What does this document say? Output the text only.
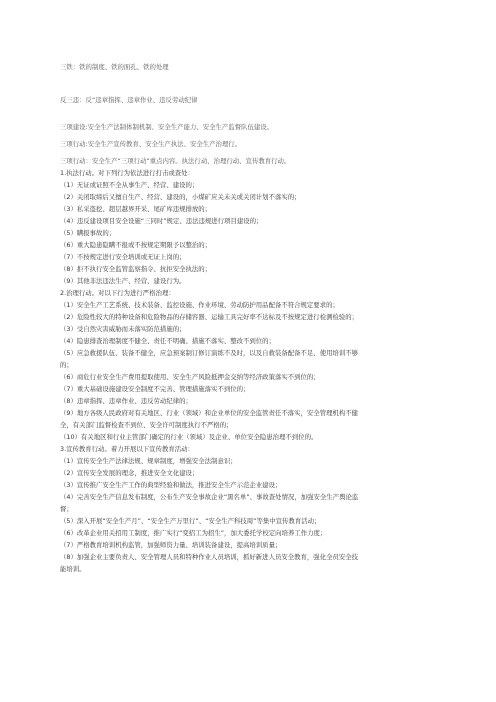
三铁：铁的制度、铁的面孔、铁的处理
反三违：反“违章指挥、违章作业、违反劳动纪律
三项建设:安全生产法制体制机制、安全生产能力、安全生产监督队伍建设。
三项行动:安全生产宣传教育、安全生产执法、安全生产治理行。
三项行动：安全生产“三项行动”重点内容。执法行动、治理行动、宣传教育行动。
1.执法行动。对下列行为依法进行打击或查处：
（1）无证或证照不全从事生产、经营、建设的；
（2）关闭取缔后又擅自生产、经营、建设的，小煤矿应关未关或关闭计划不落实的；
（3）私采盗挖、超层越界开采、尾矿库违规排放的；
（4）违反建设项目安全设施“三同时”规定、违法违规进行项目建设的；
（5）瞒报事故的；
（6）重大隐患隐瞒不报或不按规定期限予以整治的；
（7）不按规定进行安全培训或无证上岗的；
（8）拒不执行安全监管监察指令、抗拒安全执法的；
（9）其他非法违法生产、经营、建设行为。
2.治理行动。对以下行为进行严格治理：
（1）安全生产工艺系统、技术装备、监控设施、作业环境、劳动防护用品配备不符合规定要求的；
（2）危险性较大的特种设备和危险物品的存储容器、运输工具完好率不达标及不按规定进行检测检验的；
（3）受自然灾害威胁而未落实防范措施的；
（4）隐患排查治理制度不健全、责任不明确、措施不落实、整改不到位的；
（5）应急救援队伍、装备不健全，应急预案制订修订演练不及时，以及自救装备配备不足、使用培训不够
的；
（6）商危行业安全生产费用提取使用、安全生产风险抵押金交纳等经济政策落实不到位的；
（7）重大基础设施建设安全制度不完善、管理措施落实不到位的；
（8）违章指挥、违章作业、违反劳动纪律的；
（9）地方各级人民政府对有关地区、行业（领域）和企业单位的安全监管责任不落实，安全管理机构不健
全，有关部门监督检查不到位、安全许可制度执行不严格的；
（10）有关地区和行业主管部门确定的行业（领域）及企业、单位安全隐患治理不到位的。
3.宣传教育行动。着力开展以下宣传教育活动：
（1）宣传安全生产法律法规、规章制度，增强安全法制意识；
（2）宣传安全发展的理念，推进安全文化建设；
（3）宣传推广安全生产工作的典型经验和做法，推进安全生产示范企业建设；
（4）完善安全生产信息发布制度，公布生产安全事故企业“黑名单”、事故查处情况，加强安全生产舆论监
督；
（5）深入开展“安全生产月”、“安全生产万里行”、“安全生产科技周”等集中宣传教育活动；
（6）改革企业用关招用工制度，推广实行“变招工为招生”，加大委托学校定向培养工作力度；
（7）严格教育培训机构监管，加强师资力量、培训装备建设，提高培训质量；
（8）加强企业主要负责人、安全管理人员和特种作业人员培训，抓好新进人员安全教育，强化全员安全技
能培训。
